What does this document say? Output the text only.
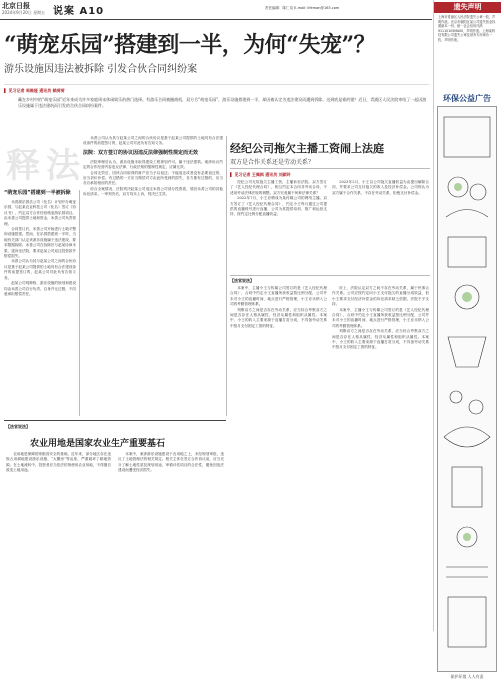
北京日报
2024年9月20日 星期五 说案 A10	责任编辑：陈仁岚 E-mail: lifeman@163.com
“萌宠乐园”搭建到一半，为何“失宠”？
游乐设施因违法被拆除 引发合伙合同纠纷案
▌ 见习记者 周维娅 通讯员 赖荷荷
藏在乡村中的“萌宠乐园”近年来成为许多家庭周末休闲娱乐的热门选择。有游乐合同被撤商机，双方合“萌宠乐园”，游乐设施搭建到一半，却因被认定为违法建设而遭到拆除。这到底是谁的错？近日，青浦区人民法院审结了一起因游乐设施属于违法建筑而引发的合伙合同纠纷案件。
释法
“萌宠乐园”搭建到一半被拆除

米善源乐园乐公司（化名）计划开办萌宠乐园，与赵某农业科技公司（化名）签订《协议书》，约定双方合作经营萌宠游乐园项目。由米善公司提供土地和资金，米善公司负责管理。

合同签订后，米善公司开始进行土地平整和设施搭建。然而，在乐园搭建到一半时，当地有关部门认定该游乐设施属于违法建设，要求限期拆除。米善公司在拆除后与赵某协商未果，遂诉至法院，要求赵某公司返还投资款并赔偿损失。

米善公司认为其与赵某公司之间的合伙协议是基于赵某公司提供的土地具有合法建设条件的前提签订的，赵某公司对此负有告知义务。

赵某公司则辩称，游乐设施的规划和建设均由米善公司自行负责，自身并无过错，不同意承担赔偿责任。

米善公司认为其与赵某公司之间的合伙协议是基于赵某公司提供的土地具有合法建设条件的前提签订的，赵某公司对此负有告知义务。

法院：双方签订的协议因违反法律强制性规定而无效

法院审理后认为，游乐设施未取得建设工程规划许可，属于违法建筑。案涉协议约定的合作经营内容违反法律、行政法规的强制性规定，应属无效。

合同无效后，因该合同取得的财产应当予以返还；不能返还或者没有必要返还的，应当折价补偿。有过错的一方应当赔偿对方由此所受到的损失，各方都有过错的，应当各自承担相应的责任。

综合全案情况，法院判决赵某公司返还米善公司部分投资款，驳回米善公司的其他诉讼请求。一审判决后，双方均未上诉，判决已生效。

经纪公司拖欠主播工资闹上法庭
双方是合作关系还是劳动关系？
▌ 见习记者 王佩枫 通讯员 刘颖玲

经纪公司无故拖欠主播工资，主播诉至法院。双方签订了《艺人经纪代理合同》，相互约定本合同非劳动合同，不适用劳动法律法规的调整。双方究竟属于何种法律关系？

2022年7月，小王应聘成为某传媒公司的网络主播。双方签订了《艺人经纪代理合同》，约定小王每月通过公司提供的直播账号进行直播，公司为其提供培训、推广和运营支持，按约定比例分配直播收益。

2023年2月，小王以公司拖欠直播收益为由提出解除合同，并要求公司支付拖欠的收入及经济补偿金。公司则认为双方属于合作关系，不存在劳动关系，拒绝支付补偿金。

【法官说法】

本案中，主播小王与传媒公司签订的是《艺人经纪代理合同》，合同中约定小王直播所获收益按比例分配，公司并未对小王的直播时间、地点进行严格管理，小王亦未纳入公司的考勤管理体系。

判断双方之间是否存在劳动关系，应当综合考察双方之间是否存在人格从属性、经济从属性和组织从属性。本案中，小王的收入主要来源于直播打赏分成，不具备劳动关系中按月支付固定工资的特征。

综上，法院认定双方之间不存在劳动关系，属于民事合作关系。公司应按约定向小王支付拖欠的直播分成收益，但小王要求支付经济补偿金的诉讼请求缺乏依据，法院不予支持。

本案中，主播小王与传媒公司签订的是《艺人经纪代理合同》，合同中约定小王直播所获收益按比例分配，公司并未对小王的直播时间、地点进行严格管理，小王亦未纳入公司的考勤管理体系。

判断双方之间是否存在劳动关系，应当综合考察双方之间是否存在人格从属性、经济从属性和组织从属性。本案中，小王的收入主要来源于直播打赏分成，不具备劳动关系中按月支付固定工资的特征。

【法官说法】
农业用地是国家农业生产重要基石

农用地是保障国家粮食安全的基础，近年来，部分地区存在违规占用耕地建设游乐设施、“大棚房”等乱象，严重破坏了耕地资源。在土地流转中，投资者应当依法依规使用农业用地，不得擅自改变土地用途。

本案中，案涉游乐设施建设于农用地之上，未经规划审批，违反了土地管理法的相关规定。相关主体在签订合作协议前，应当充分了解土地性质及规划用途，审慎评估项目的合法性，避免因违法建设而遭受经济损失。

遗失声明
上海市青浦区人民法院遗失公章一枚，声明作废。北京市朝阳区某公司遗失营业执照副本一份，统一社会信用代码91110105MA00，声明作废。上海某科技有限公司遗失公章及财务专用章各一枚，声明作废。
环保公益广告
保护环境 人人有责
